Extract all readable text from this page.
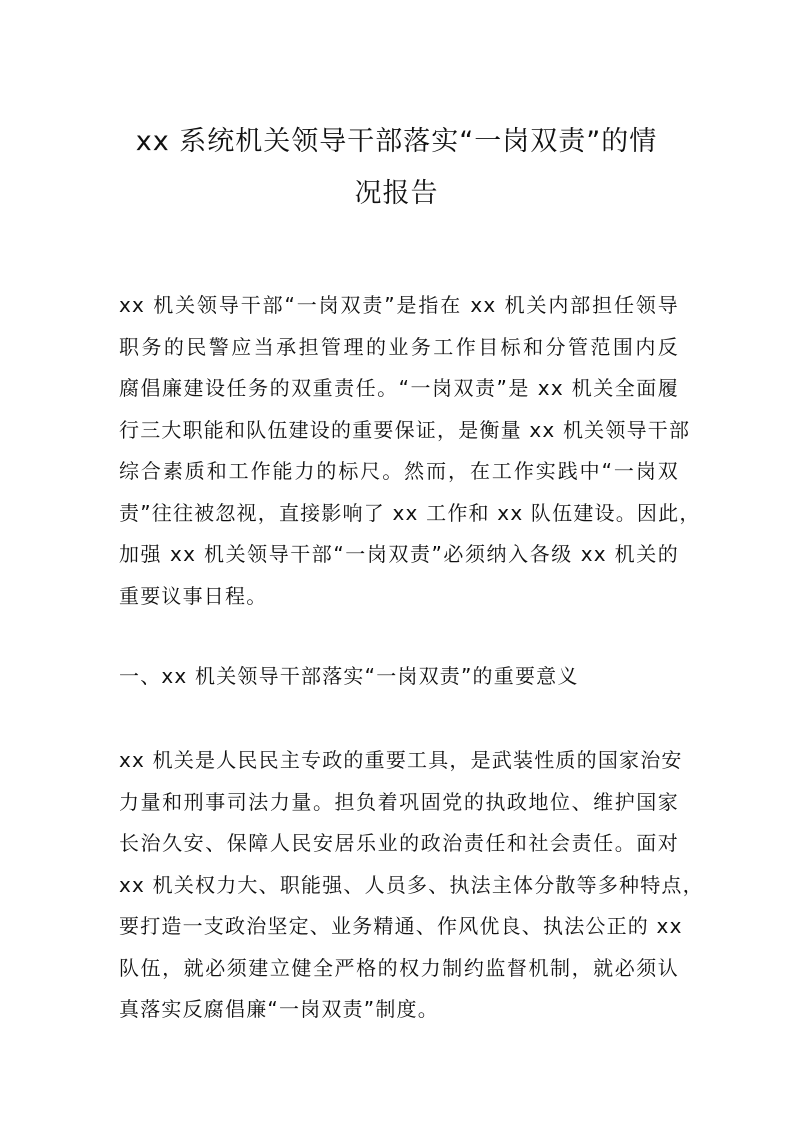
xx 系统机关领导干部落实“一岗双责”的情
况报告

xx 机关领导干部“一岗双责”是指在 xx 机关内部担任领导
职务的民警应当承担管理的业务工作目标和分管范围内反
腐倡廉建设任务的双重责任。“一岗双责”是 xx 机关全面履
行三大职能和队伍建设的重要保证，是衡量 xx 机关领导干部
综合素质和工作能力的标尺。然而，在工作实践中“一岗双
责”往往被忽视，直接影响了 xx 工作和 xx 队伍建设。因此，
加强 xx 机关领导干部“一岗双责”必须纳入各级 xx 机关的
重要议事日程。

一、xx 机关领导干部落实“一岗双责”的重要意义

xx 机关是人民民主专政的重要工具，是武装性质的国家治安
力量和刑事司法力量。担负着巩固党的执政地位、维护国家
长治久安、保障人民安居乐业的政治责任和社会责任。面对
xx 机关权力大、职能强、人员多、执法主体分散等多种特点，
要打造一支政治坚定、业务精通、作风优良、执法公正的 xx
队伍，就必须建立健全严格的权力制约监督机制，就必须认
真落实反腐倡廉“一岗双责”制度。
